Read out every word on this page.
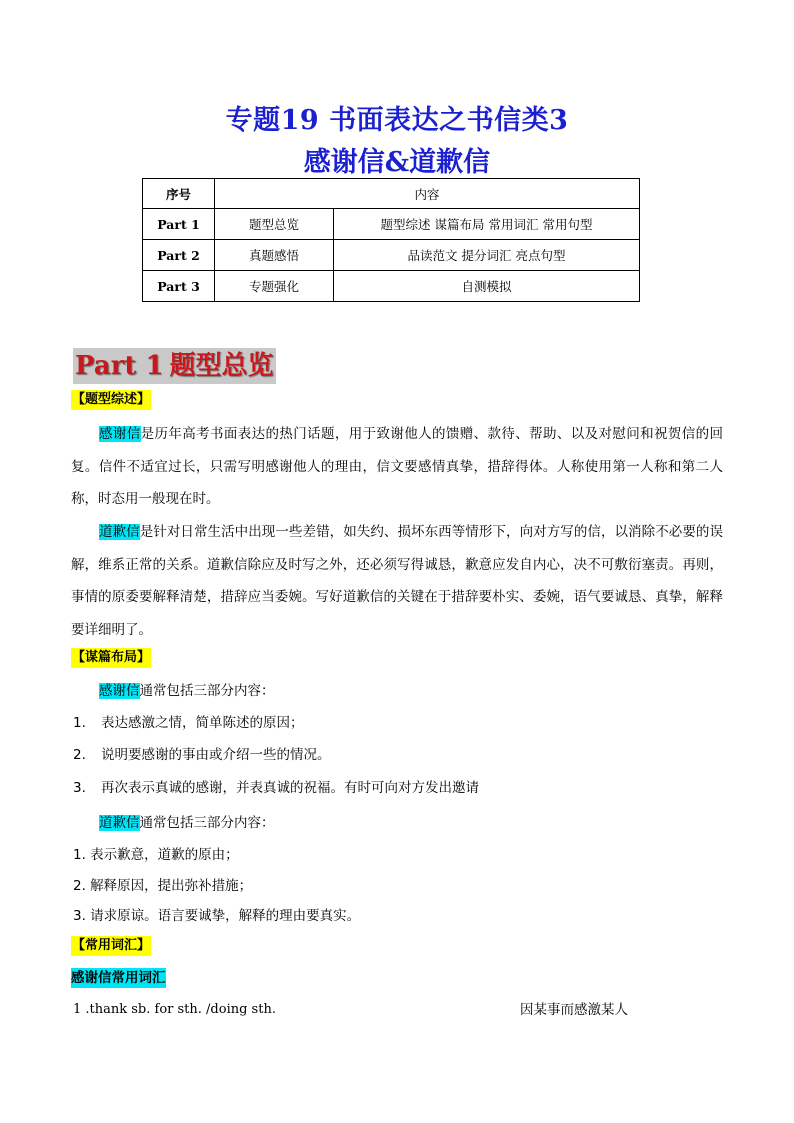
专题19 书面表达之书信类3
感谢信&道歉信
序号	内容	
Part 1	题型总览	题型综述 谋篇布局 常用词汇 常用句型
Part 2	真题感悟	品读范文 提分词汇 亮点句型
Part 3	专题强化	自测模拟
Part 1 题型总览
【题型综述】
感谢信是历年高考书面表达的热门话题，用于致谢他人的馈赠、款待、帮助、以及对慰问和祝贺信的回复。信件不适宜过长，只需写明感谢他人的理由，信文要感情真挚，措辞得体。人称使用第一人称和第二人称，时态用一般现在时。
道歉信是针对日常生活中出现一些差错，如失约、损坏东西等情形下，向对方写的信，以消除不必要的误解，维系正常的关系。道歉信除应及时写之外，还必须写得诚恳，歉意应发自内心，决不可敷衍塞责。再则，事情的原委要解释清楚，措辞应当委婉。写好道歉信的关键在于措辞要朴实、委婉，语气要诚恳、真挚，解释要详细明了。
【谋篇布局】
感谢信通常包括三部分内容：
1. 表达感激之情，简单陈述的原因；
2. 说明要感谢的事由或介绍一些的情况。
3. 再次表示真诚的感谢，并表真诚的祝福。有时可向对方发出邀请
道歉信通常包括三部分内容：
1. 表示歉意，道歉的原由；
2. 解释原因，提出弥补措施；
3. 请求原谅。语言要诚挚，解释的理由要真实。
【常用词汇】
感谢信常用词汇
1 .thank sb. for sth. /doing sth.	因某事而感激某人
